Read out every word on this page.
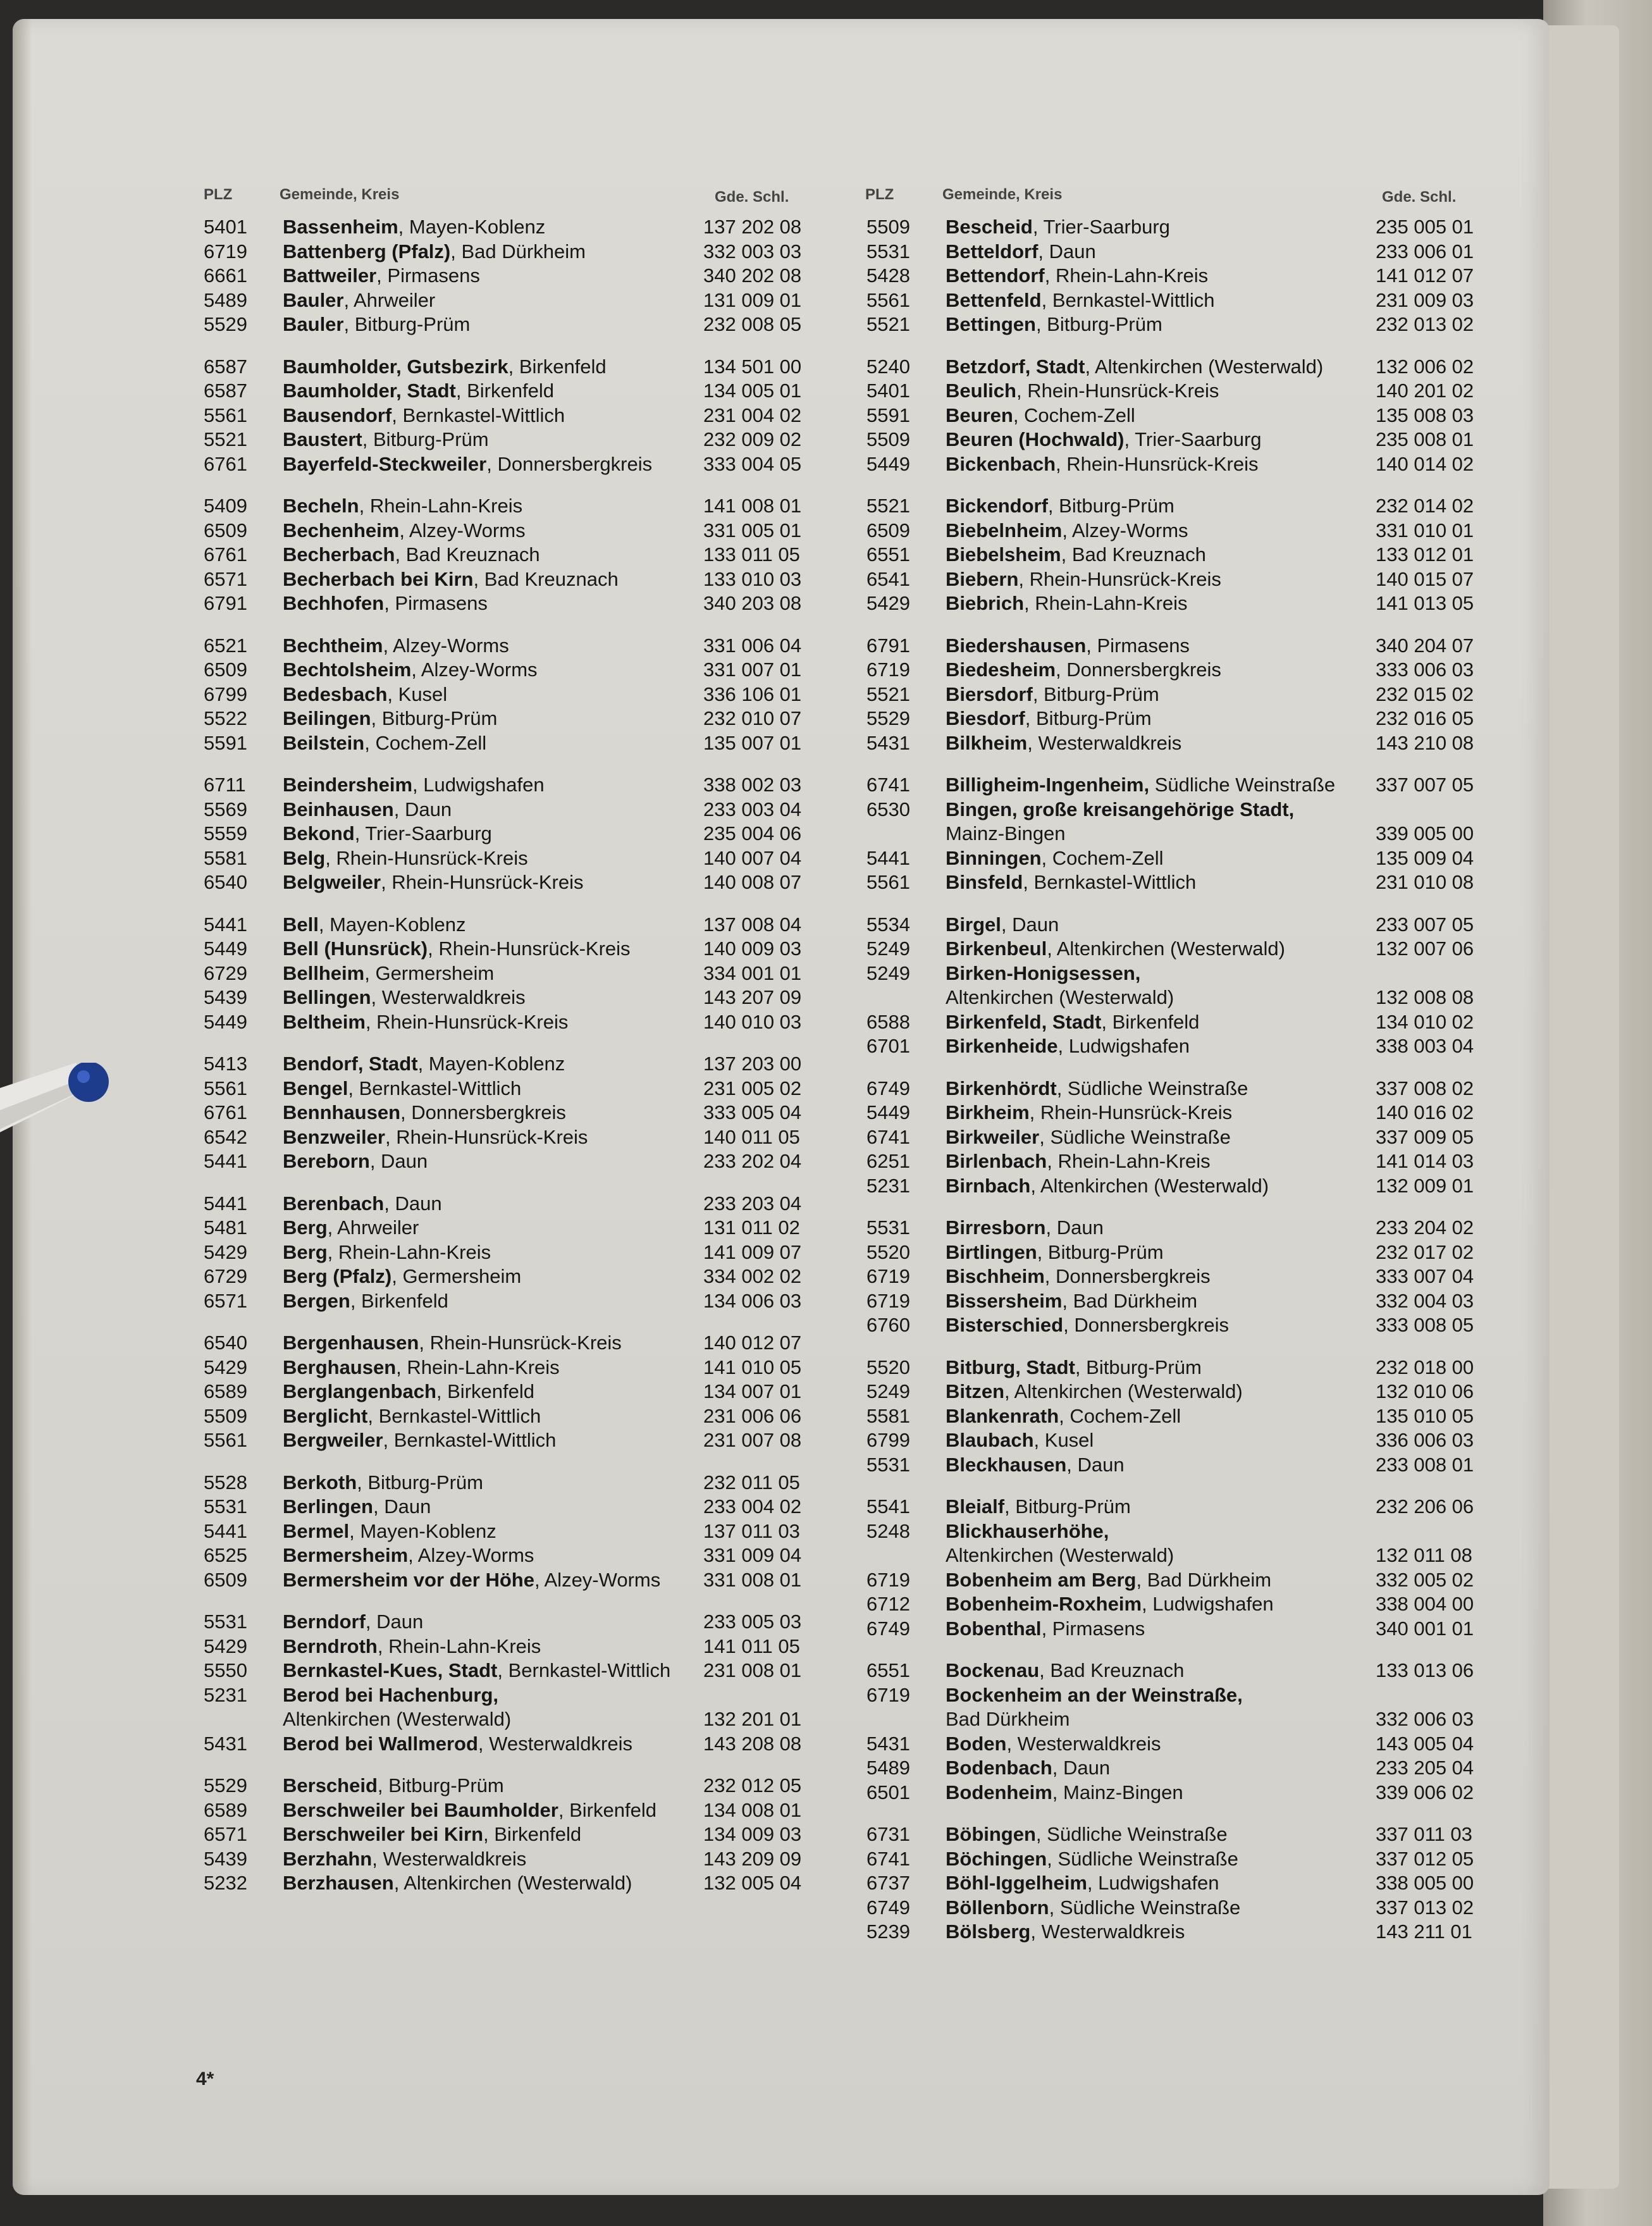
PLZ	Gemeinde, Kreis	Gde. Schl.	PLZ	Gemeinde, Kreis	Gde. Schl.
5401	Bassenheim, Mayen-Koblenz	137 202 08
6719	Battenberg (Pfalz), Bad Dürkheim	332 003 03
6661	Battweiler, Pirmasens	340 202 08
5489	Bauler, Ahrweiler	131 009 01
5529	Bauler, Bitburg-Prüm	232 008 05
6587	Baumholder, Gutsbezirk, Birkenfeld	134 501 00
6587	Baumholder, Stadt, Birkenfeld	134 005 01
5561	Bausendorf, Bernkastel-Wittlich	231 004 02
5521	Baustert, Bitburg-Prüm	232 009 02
6761	Bayerfeld-Steckweiler, Donnersbergkreis	333 004 05
5409	Becheln, Rhein-Lahn-Kreis	141 008 01
6509	Bechenheim, Alzey-Worms	331 005 01
6761	Becherbach, Bad Kreuznach	133 011 05
6571	Becherbach bei Kirn, Bad Kreuznach	133 010 03
6791	Bechhofen, Pirmasens	340 203 08
6521	Bechtheim, Alzey-Worms	331 006 04
6509	Bechtolsheim, Alzey-Worms	331 007 01
6799	Bedesbach, Kusel	336 106 01
5522	Beilingen, Bitburg-Prüm	232 010 07
5591	Beilstein, Cochem-Zell	135 007 01
6711	Beindersheim, Ludwigshafen	338 002 03
5569	Beinhausen, Daun	233 003 04
5559	Bekond, Trier-Saarburg	235 004 06
5581	Belg, Rhein-Hunsrück-Kreis	140 007 04
6540	Belgweiler, Rhein-Hunsrück-Kreis	140 008 07
5441	Bell, Mayen-Koblenz	137 008 04
5449	Bell (Hunsrück), Rhein-Hunsrück-Kreis	140 009 03
6729	Bellheim, Germersheim	334 001 01
5439	Bellingen, Westerwaldkreis	143 207 09
5449	Beltheim, Rhein-Hunsrück-Kreis	140 010 03
5413	Bendorf, Stadt, Mayen-Koblenz	137 203 00
5561	Bengel, Bernkastel-Wittlich	231 005 02
6761	Bennhausen, Donnersbergkreis	333 005 04
6542	Benzweiler, Rhein-Hunsrück-Kreis	140 011 05
5441	Bereborn, Daun	233 202 04
5441	Berenbach, Daun	233 203 04
5481	Berg, Ahrweiler	131 011 02
5429	Berg, Rhein-Lahn-Kreis	141 009 07
6729	Berg (Pfalz), Germersheim	334 002 02
6571	Bergen, Birkenfeld	134 006 03
6540	Bergenhausen, Rhein-Hunsrück-Kreis	140 012 07
5429	Berghausen, Rhein-Lahn-Kreis	141 010 05
6589	Berglangenbach, Birkenfeld	134 007 01
5509	Berglicht, Bernkastel-Wittlich	231 006 06
5561	Bergweiler, Bernkastel-Wittlich	231 007 08
5528	Berkoth, Bitburg-Prüm	232 011 05
5531	Berlingen, Daun	233 004 02
5441	Bermel, Mayen-Koblenz	137 011 03
6525	Bermersheim, Alzey-Worms	331 009 04
6509	Bermersheim vor der Höhe, Alzey-Worms 331 008 01
5531	Berndorf, Daun	233 005 03
5429	Berndroth, Rhein-Lahn-Kreis	141 011 05
5550	Bernkastel-Kues, Stadt, Bernkastel-Wittlich 231 008 01
5231	Berod bei Hachenburg,
Altenkirchen (Westerwald)	132 201 01
5431	Berod bei Wallmerod, Westerwaldkreis	143 208 08
5529	Berscheid, Bitburg-Prüm	232 012 05
6589	Berschweiler bei Baumholder, Birkenfeld 134 008 01
6571	Berschweiler bei Kirn, Birkenfeld	134 009 03
5439	Berzhahn, Westerwaldkreis	143 209 09
5232	Berzhausen, Altenkirchen (Westerwald)	132 005 04
5509	Bescheid, Trier-Saarburg	235 005 01
5531	Betteldorf, Daun	233 006 01
5428	Bettendorf, Rhein-Lahn-Kreis	141 012 07
5561	Bettenfeld, Bernkastel-Wittlich	231 009 03
5521	Bettingen, Bitburg-Prüm	232 013 02
5240	Betzdorf, Stadt, Altenkirchen (Westerwald)	132 006 02
5401	Beulich, Rhein-Hunsrück-Kreis	140 201 02
5591	Beuren, Cochem-Zell	135 008 03
5509	Beuren (Hochwald), Trier-Saarburg	235 008 01
5449	Bickenbach, Rhein-Hunsrück-Kreis	140 014 02
5521	Bickendorf, Bitburg-Prüm	232 014 02
6509	Biebelnheim, Alzey-Worms	331 010 01
6551	Biebelsheim, Bad Kreuznach	133 012 01
6541	Biebern, Rhein-Hunsrück-Kreis	140 015 07
5429	Biebrich, Rhein-Lahn-Kreis	141 013 05
6791	Biedershausen, Pirmasens	340 204 07
6719	Biedesheim, Donnersbergkreis	333 006 03
5521	Biersdorf, Bitburg-Prüm	232 015 02
5529	Biesdorf, Bitburg-Prüm	232 016 05
5431	Bilkheim, Westerwaldkreis	143 210 08
6741	Billigheim-Ingenheim, Südliche Weinstraße 337 007 05
6530	Bingen, große kreisangehörige Stadt,
Mainz-Bingen	339 005 00
5441	Binningen, Cochem-Zell	135 009 04
5561	Binsfeld, Bernkastel-Wittlich	231 010 08
5534	Birgel, Daun	233 007 05
5249	Birkenbeul, Altenkirchen (Westerwald)	132 007 06
5249	Birken-Honigsessen,
Altenkirchen (Westerwald)	132 008 08
6588	Birkenfeld, Stadt, Birkenfeld	134 010 02
6701	Birkenheide, Ludwigshafen	338 003 04
6749	Birkenhördt, Südliche Weinstraße	337 008 02
5449	Birkheim, Rhein-Hunsrück-Kreis	140 016 02
6741	Birkweiler, Südliche Weinstraße	337 009 05
6251	Birlenbach, Rhein-Lahn-Kreis	141 014 03
5231	Birnbach, Altenkirchen (Westerwald)	132 009 01
5531	Birresborn, Daun	233 204 02
5520	Birtlingen, Bitburg-Prüm	232 017 02
6719	Bischheim, Donnersbergkreis	333 007 04
6719	Bissersheim, Bad Dürkheim	332 004 03
6760	Bisterschied, Donnersbergkreis	333 008 05
5520	Bitburg, Stadt, Bitburg-Prüm	232 018 00
5249	Bitzen, Altenkirchen (Westerwald)	132 010 06
5581	Blankenrath, Cochem-Zell	135 010 05
6799	Blaubach, Kusel	336 006 03
5531	Bleckhausen, Daun	233 008 01
5541	Bleialf, Bitburg-Prüm	232 206 06
5248	Blickhauserhöhe,
Altenkirchen (Westerwald)	132 011 08
6719	Bobenheim am Berg, Bad Dürkheim	332 005 02
6712	Bobenheim-Roxheim, Ludwigshafen	338 004 00
6749	Bobenthal, Pirmasens	340 001 01
6551	Bockenau, Bad Kreuznach	133 013 06
6719	Bockenheim an der Weinstraße,
Bad Dürkheim	332 006 03
5431	Boden, Westerwaldkreis	143 005 04
5489	Bodenbach, Daun	233 205 04
6501	Bodenheim, Mainz-Bingen	339 006 02
6731	Böbingen, Südliche Weinstraße	337 011 03
6741	Böchingen, Südliche Weinstraße	337 012 05
6737	Böhl-Iggelheim, Ludwigshafen	338 005 00
6749	Böllenborn, Südliche Weinstraße	337 013 02
5239	Bölsberg, Westerwaldkreis	143 211 01
4*
